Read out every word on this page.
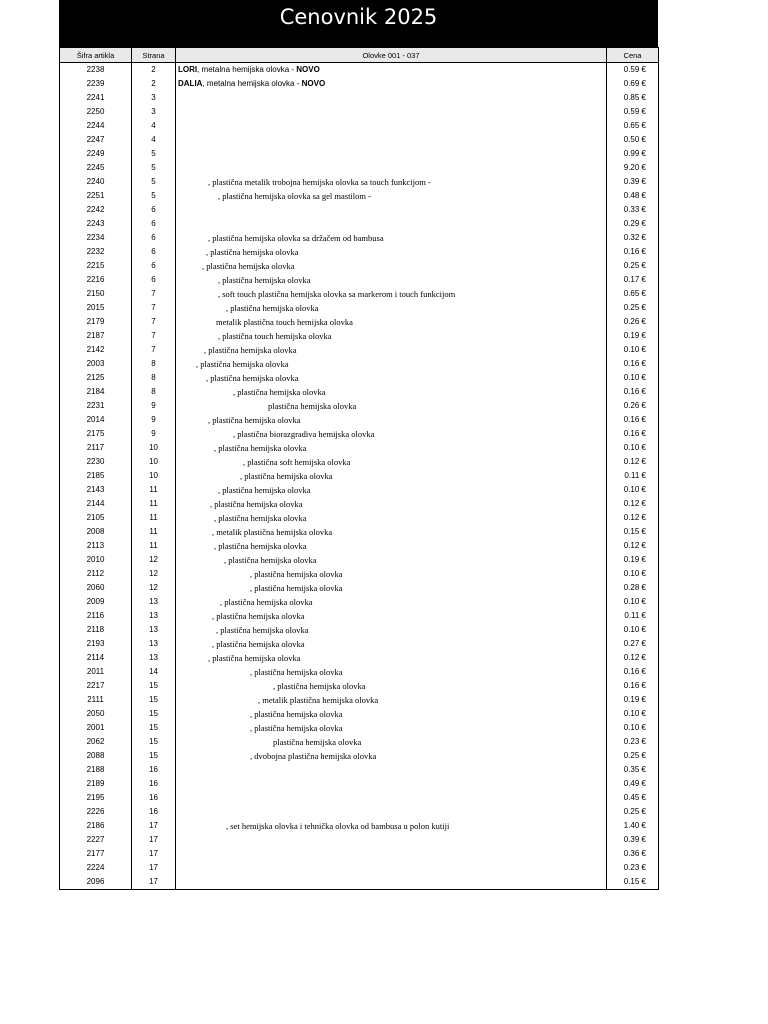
Cenovnik 2025
Šifra artikla	Strana	Olovke 001 - 037	Cena
2238	2	LORI, metalna hemijska olovka - NOVO	0.59 €
2239	2	DALIA, metalna hemijska olovka - NOVO	0.69 €
2241	3		0.85 €
2250	3		0.59 €
2244	4		0.65 €
2247	4		0.50 €
2249	5		0.99 €
2245	5		9.20 €
2240	5	, plastična metalik trobojna hemijska olovka sa touch funkcijom -	0.39 €
2251	5	, plastična hemijska olovka sa gel mastilom -	0.48 €
2242	6		0.33 €
2243	6		0.29 €
2234	6	, plastična hemijska olovka sa držačem od bambusa	0.32 €
2232	6	, plastična hemijska olovka	0.16 €
2215	6	, plastična hemijska olovka	0.25 €
2216	6	, plastična hemijska olovka	0.17 €
2150	7	, soft touch plastična hemijska olovka sa markerom i touch funkcijom	0.65 €
2015	7	, plastična hemijska olovka	0.25 €
2179	7	metalik plastična touch hemijska olovka	0.26 €
2187	7	, plastična touch hemijska olovka	0.19 €
2142	7	, plastična hemijska olovka	0.10 €
2003	8	, plastična hemijska olovka	0.16 €
2125	8	, plastična hemijska olovka	0.10 €
2184	8	, plastična hemijska olovka	0.16 €
2231	9	plastična hemijska olovka	0.26 €
2014	9	, plastična hemijska olovka	0.16 €
2175	9	, plastična biorazgradiva hemijska olovka	0.16 €
2117	10	, plastična hemijska olovka	0.10 €
2230	10	, plastična soft hemijska olovka	0.12 €
2185	10	, plastična hemijska olovka	0.11 €
2143	11	, plastična hemijska olovka	0.10 €
2144	11	, plastična hemijska olovka	0.12 €
2105	11	, plastična hemijska olovka	0.12 €
2008	11	, metalik plastična hemijska olovka	0.15 €
2113	11	, plastična hemijska olovka	0.12 €
2010	12	, plastična hemijska olovka	0.19 €
2112	12	, plastična hemijska olovka	0.10 €
2060	12	, plastična hemijska olovka	0.28 €
2009	13	, plastična hemijska olovka	0.10 €
2116	13	, plastična hemijska olovka	0.11 €
2118	13	, plastična hemijska olovka	0.10 €
2193	13	, plastična hemijska olovka	0.27 €
2114	13	, plastična hemijska olovka	0.12 €
2011	14	, plastična hemijska olovka	0.16 €
2217	15	, plastična hemijska olovka	0.16 €
2111	15	, metalik plastična hemijska olovka	0.19 €
2050	15	, plastična hemijska olovka	0.10 €
2001	15	, plastična hemijska olovka	0.10 €
2062	15	plastična hemijska olovka	0.23 €
2088	15	, dvobojna plastična hemijska olovka	0.25 €
2188	16		0.35 €
2189	16		0.49 €
2195	16		0.45 €
2226	16		0.25 €
2186	17	, set hemijska olovka i tehnička olovka od bambusa u polon kutiji	1.40 €
2227	17		0.39 €
2177	17		0.36 €
2224	17		0.23 €
2096	17		0.15 €
